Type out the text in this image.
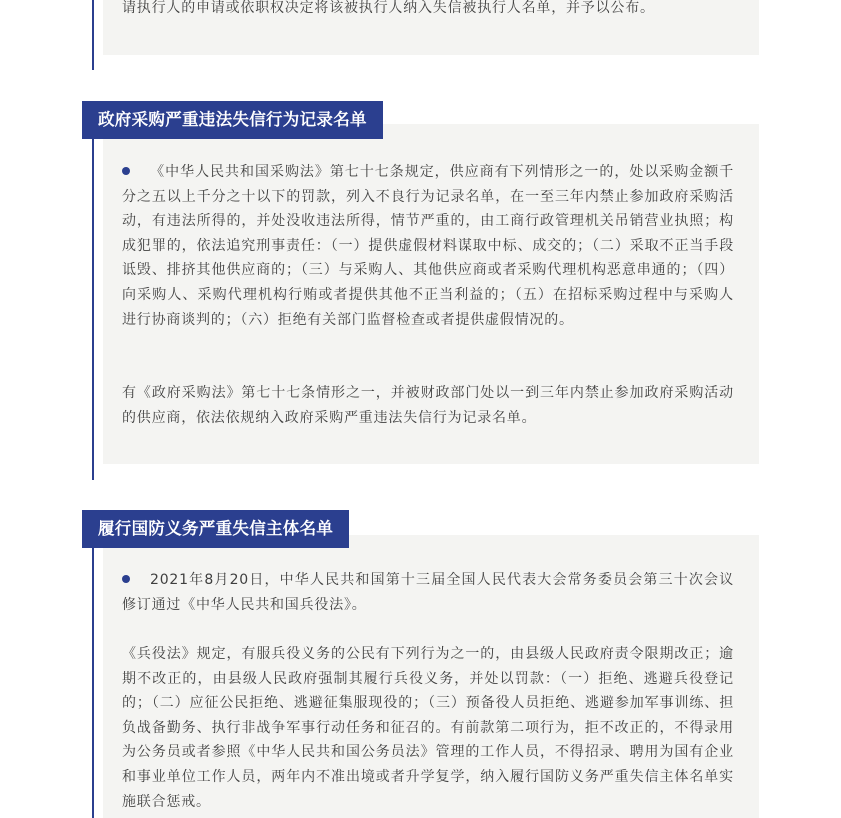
请执行人的申请或依职权决定将该被执行人纳入失信被执行人名单，并予以公布。

政府采购严重违法失信行为记录名单

《中华人民共和国采购法》第七十七条规定，供应商有下列情形之一的，处以采购金额千分之五以上千分之十以下的罚款，列入不良行为记录名单，在一至三年内禁止参加政府采购活动，有违法所得的，并处没收违法所得，情节严重的，由工商行政管理机关吊销营业执照；构成犯罪的，依法追究刑事责任：（一）提供虚假材料谋取中标、成交的；（二）采取不正当手段诋毁、排挤其他供应商的；（三）与采购人、其他供应商或者采购代理机构恶意串通的；（四）向采购人、采购代理机构行贿或者提供其他不正当利益的；（五）在招标采购过程中与采购人进行协商谈判的；（六）拒绝有关部门监督检查或者提供虚假情况的。

有《政府采购法》第七十七条情形之一，并被财政部门处以一到三年内禁止参加政府采购活动的供应商，依法依规纳入政府采购严重违法失信行为记录名单。

履行国防义务严重失信主体名单

2021年8月20日，中华人民共和国第十三届全国人民代表大会常务委员会第三十次会议修订通过《中华人民共和国兵役法》。

《兵役法》规定，有服兵役义务的公民有下列行为之一的，由县级人民政府责令限期改正；逾期不改正的，由县级人民政府强制其履行兵役义务，并处以罚款：（一）拒绝、逃避兵役登记的；（二）应征公民拒绝、逃避征集服现役的；（三）预备役人员拒绝、逃避参加军事训练、担负战备勤务、执行非战争军事行动任务和征召的。有前款第二项行为，拒不改正的，不得录用为公务员或者参照《中华人民共和国公务员法》管理的工作人员，不得招录、聘用为国有企业和事业单位工作人员，两年内不准出境或者升学复学，纳入履行国防义务严重失信主体名单实施联合惩戒。
